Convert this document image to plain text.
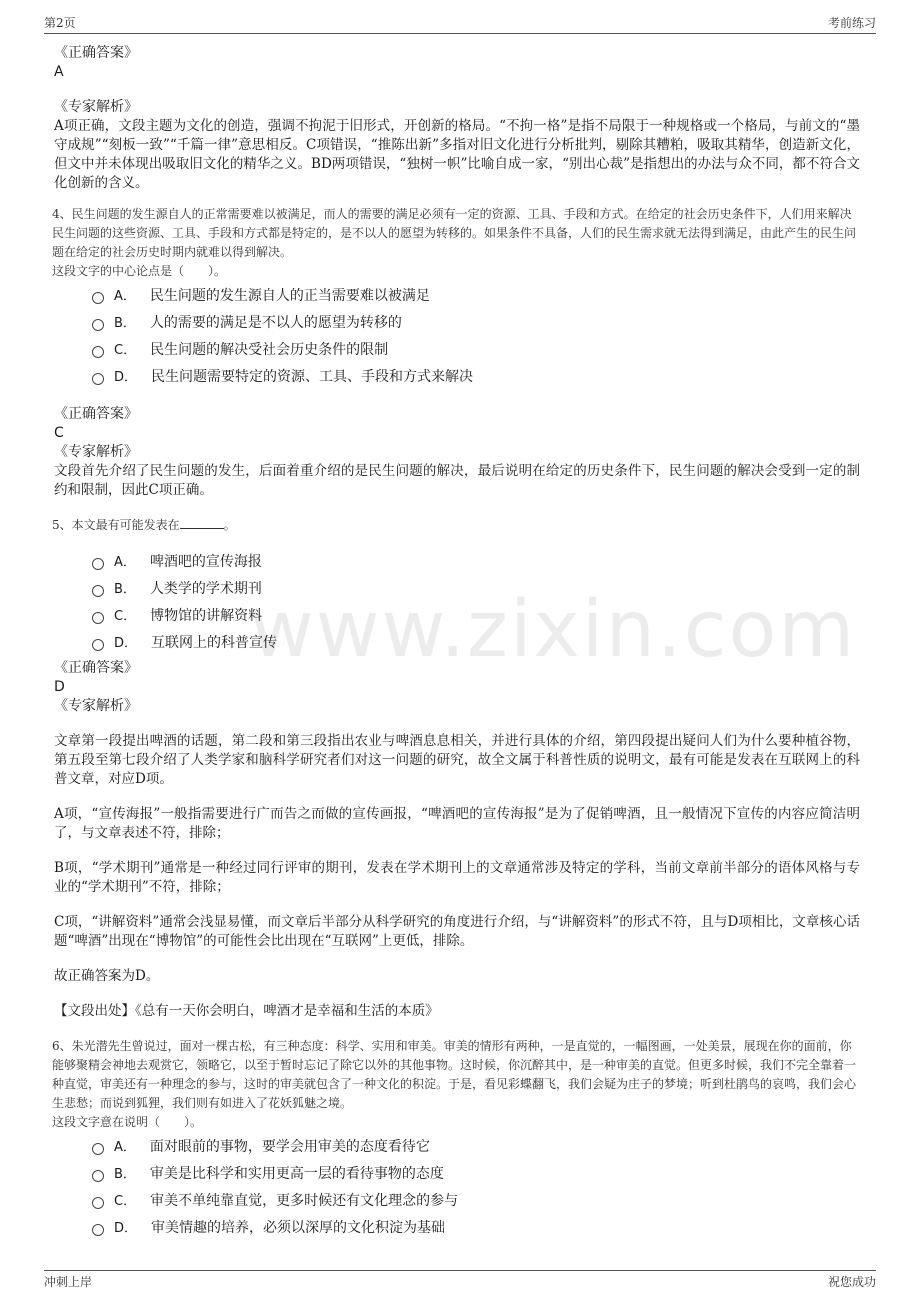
第2页	考前练习
www.zixin.com
《正确答案》
A
《专家解析》

A项正确，文段主题为文化的创造，强调不拘泥于旧形式，开创新的格局。“不拘一格”是指不局限于一种规格或一个格局，与前文的“墨守成规”“刻板一致”“千篇一律”意思相反。C项错误，“推陈出新”多指对旧文化进行分析批判，剔除其糟粕，吸取其精华，创造新文化，但文中并未体现出吸取旧文化的精华之义。BD两项错误，“独树一帜”比喻自成一家，“别出心裁”是指想出的办法与众不同，都不符合文化创新的含义。

4、民生问题的发生源自人的正常需要难以被满足，而人的需要的满足必须有一定的资源、工具、手段和方式。在给定的社会历史条件下，人们用来解决民生问题的这些资源、工具、手段和方式都是特定的，是不以人的愿望为转移的。如果条件不具备，人们的民生需求就无法得到满足，由此产生的民生问题在给定的社会历史时期内就难以得到解决。

这段文字的中心论点是（　　）。

A． 民生问题的发生源自人的正当需要难以被满足
B． 人的需要的满足是不以人的愿望为转移的
C． 民生问题的解决受社会历史条件的限制
D． 民生问题需要特定的资源、工具、手段和方式来解决
《正确答案》
C
《专家解析》

文段首先介绍了民生问题的发生，后面着重介绍的是民生问题的解决，最后说明在给定的历史条件下，民生问题的解决会受到一定的制约和限制，因此C项正确。

5、本文最有可能发表在	。

A． 啤酒吧的宣传海报
B． 人类学的学术期刊
C． 博物馆的讲解资料
D． 互联网上的科普宣传
《正确答案》
D
《专家解析》

文章第一段提出啤酒的话题，第二段和第三段指出农业与啤酒息息相关，并进行具体的介绍，第四段提出疑问人们为什么要种植谷物，第五段至第七段介绍了人类学家和脑科学研究者们对这一问题的研究，故全文属于科普性质的说明文，最有可能是发表在互联网上的科普文章，对应D项。

A项，“宣传海报”一般指需要进行广而告之而做的宣传画报，“啤酒吧的宣传海报”是为了促销啤酒，且一般情况下宣传的内容应简洁明了，与文章表述不符，排除；

B项，“学术期刊”通常是一种经过同行评审的期刊，发表在学术期刊上的文章通常涉及特定的学科，当前文章前半部分的语体风格与专业的“学术期刊”不符，排除；

C项，“讲解资料”通常会浅显易懂，而文章后半部分从科学研究的角度进行介绍，与“讲解资料”的形式不符，且与D项相比，文章核心话题“啤酒”出现在“博物馆”的可能性会比出现在“互联网”上更低，排除。

故正确答案为D。

【文段出处】《总有一天你会明白，啤酒才是幸福和生活的本质》

6、朱光潜先生曾说过，面对一棵古松，有三种态度：科学、实用和审美。审美的情形有两种，一是直觉的，一幅图画，一处美景，展现在你的面前，你能够聚精会神地去观赏它，领略它，以至于暂时忘记了除它以外的其他事物。这时候，你沉醉其中，是一种审美的直觉。但更多时候，我们不完全靠着一种直觉，审美还有一种理念的参与，这时的审美就包含了一种文化的积淀。于是，看见彩蝶翻飞，我们会疑为庄子的梦境；听到杜鹃鸟的哀鸣，我们会心生悲愁；而说到狐狸，我们则有如进入了花妖狐魅之境。

这段文字意在说明（　　）。

A． 面对眼前的事物，要学会用审美的态度看待它
B． 审美是比科学和实用更高一层的看待事物的态度
C． 审美不单纯靠直觉，更多时候还有文化理念的参与
D． 审美情趣的培养，必须以深厚的文化积淀为基础
冲刺上岸	祝您成功
